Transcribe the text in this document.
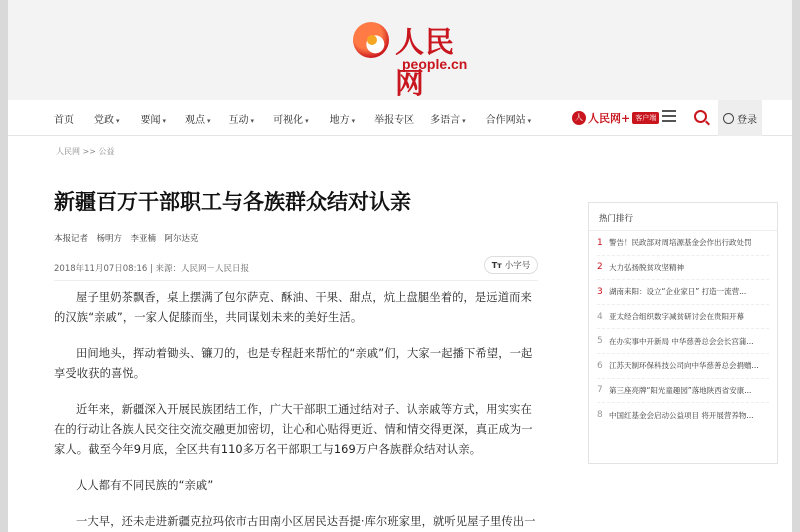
人民网
people.cn
首页 党政 ▾ 要闻 ▾ 观点 ▾ 互动 ▾ 可视化 ▾ 地方 ▾ 举报专区 多语言 ▾ 合作网站 ▾	人 人民网+ 客户端	登录
人民网 >> 公益
新疆百万干部职工与各族群众结对认亲
本报记者　杨明方　李亚楠　阿尔达克
2018年11月07日08:16 | 来源：人民网－人民日报	Tт 小字号

屋子里奶茶飘香，桌上摆满了包尔萨克、酥油、干果、甜点，炕上盘腿坐着的，是远道而来的汉族“亲戚”，一家人促膝而坐，共同谋划未来的美好生活。

田间地头，挥动着锄头、镰刀的，也是专程赶来帮忙的“亲戚”们，大家一起播下希望，一起享受收获的喜悦。

近年来，新疆深入开展民族团结工作，广大干部职工通过结对子、认亲戚等方式，用实实在在的行动让各族人民交往交流交融更加密切，让心和心贴得更近、情和情交得更深，真正成为一家人。截至今年9月底，全区共有110多万名干部职工与169万户各族群众结对认亲。

人人都有不同民族的“亲戚”

一大早，还未走进新疆克拉玛依市古田南小区居民达吾提·库尔班家里，就听见屋子里传出一

热门排行
1 警告！民政部对周培源基金会作出行政处罚
2 大力弘扬脱贫攻坚精神
3 湖南耒阳：设立“企业家日” 打造一流营...
4 亚太经合组织数字减贫研讨会在贵阳开幕
5 在办实事中开新局 中华慈善总会会长宫蒲...
6 江苏天制环保科技公司向中华慈善总会捐赠...
7 第三座亮牌“阳光童趣园”落地陕西省安康...
8 中国红基金会启动公益项目 将开展营养物...
